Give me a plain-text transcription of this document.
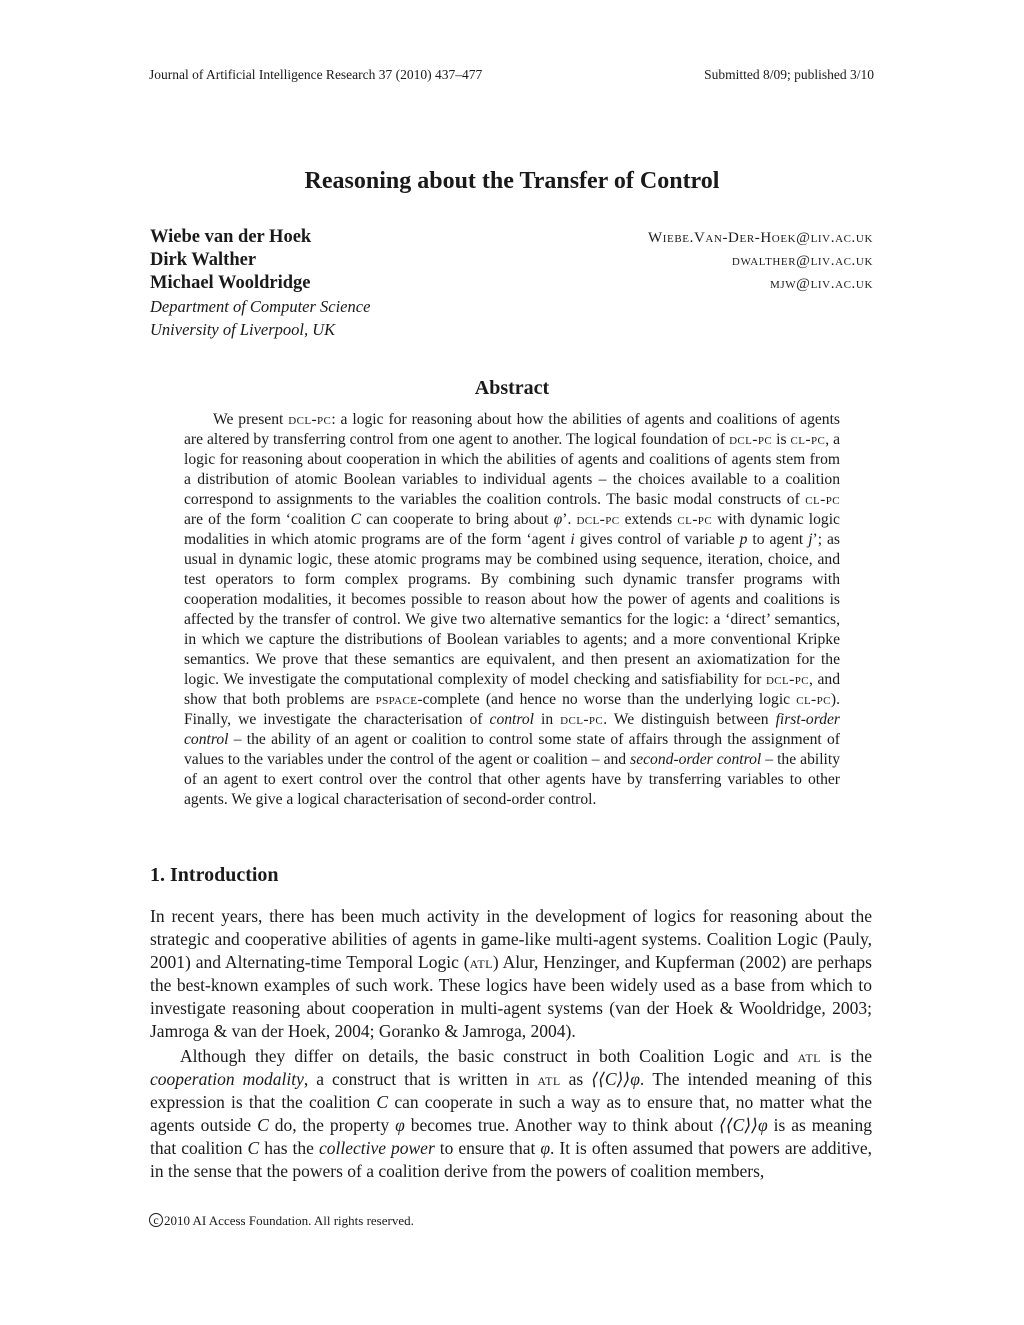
Journal of Artificial Intelligence Research 37 (2010) 437–477	Submitted 8/09; published 3/10
Reasoning about the Transfer of Control
Wiebe van der Hoek
Dirk Walther
Michael Wooldridge
Wiebe.Van-Der-Hoek@liv.ac.uk
dwalther@liv.ac.uk
mjw@liv.ac.uk
Department of Computer Science
University of Liverpool, UK
Abstract

We present dcl-pc: a logic for reasoning about how the abilities of agents and coalitions of agents are altered by transferring control from one agent to another. The logical foundation of dcl-pc is cl-pc, a logic for reasoning about cooperation in which the abilities of agents and coalitions of agents stem from a distribution of atomic Boolean variables to individual agents – the choices available to a coalition correspond to assignments to the variables the coalition controls. The basic modal constructs of cl-pc are of the form ‘coalition C can cooperate to bring about φ’. dcl-pc extends cl-pc with dynamic logic modalities in which atomic programs are of the form ‘agent i gives control of variable p to agent j’; as usual in dynamic logic, these atomic programs may be combined using sequence, iteration, choice, and test operators to form complex programs. By combining such dynamic transfer programs with cooperation modalities, it becomes possible to reason about how the power of agents and coalitions is affected by the transfer of control. We give two alternative semantics for the logic: a ‘direct’ semantics, in which we capture the distributions of Boolean variables to agents; and a more conventional Kripke semantics. We prove that these semantics are equivalent, and then present an axiomatization for the logic. We investigate the computational complexity of model checking and satisfiability for dcl-pc, and show that both problems are pspace-complete (and hence no worse than the underlying logic cl-pc). Finally, we investigate the characterisation of control in dcl-pc. We distinguish between first-order control – the ability of an agent or coalition to control some state of affairs through the assignment of values to the variables under the control of the agent or coalition – and second-order control – the ability of an agent to exert control over the control that other agents have by transferring variables to other agents. We give a logical characterisation of second-order control.

1. Introduction

In recent years, there has been much activity in the development of logics for reasoning about the strategic and cooperative abilities of agents in game-like multi-agent systems. Coalition Logic (Pauly, 2001) and Alternating-time Temporal Logic (atl) Alur, Henzinger, and Kupferman (2002) are perhaps the best-known examples of such work. These logics have been widely used as a base from which to investigate reasoning about cooperation in multi-agent systems (van der Hoek & Wooldridge, 2003; Jamroga & van der Hoek, 2004; Goranko & Jamroga, 2004).

Although they differ on details, the basic construct in both Coalition Logic and atl is the cooperation modality, a construct that is written in atl as ⟨⟨C⟩⟩φ. The intended meaning of this expression is that the coalition C can cooperate in such a way as to ensure that, no matter what the agents outside C do, the property φ becomes true. Another way to think about ⟨⟨C⟩⟩φ is as meaning that coalition C has the collective power to ensure that φ. It is often assumed that powers are additive, in the sense that the powers of a coalition derive from the powers of coalition members,

c 2010 AI Access Foundation. All rights reserved.
